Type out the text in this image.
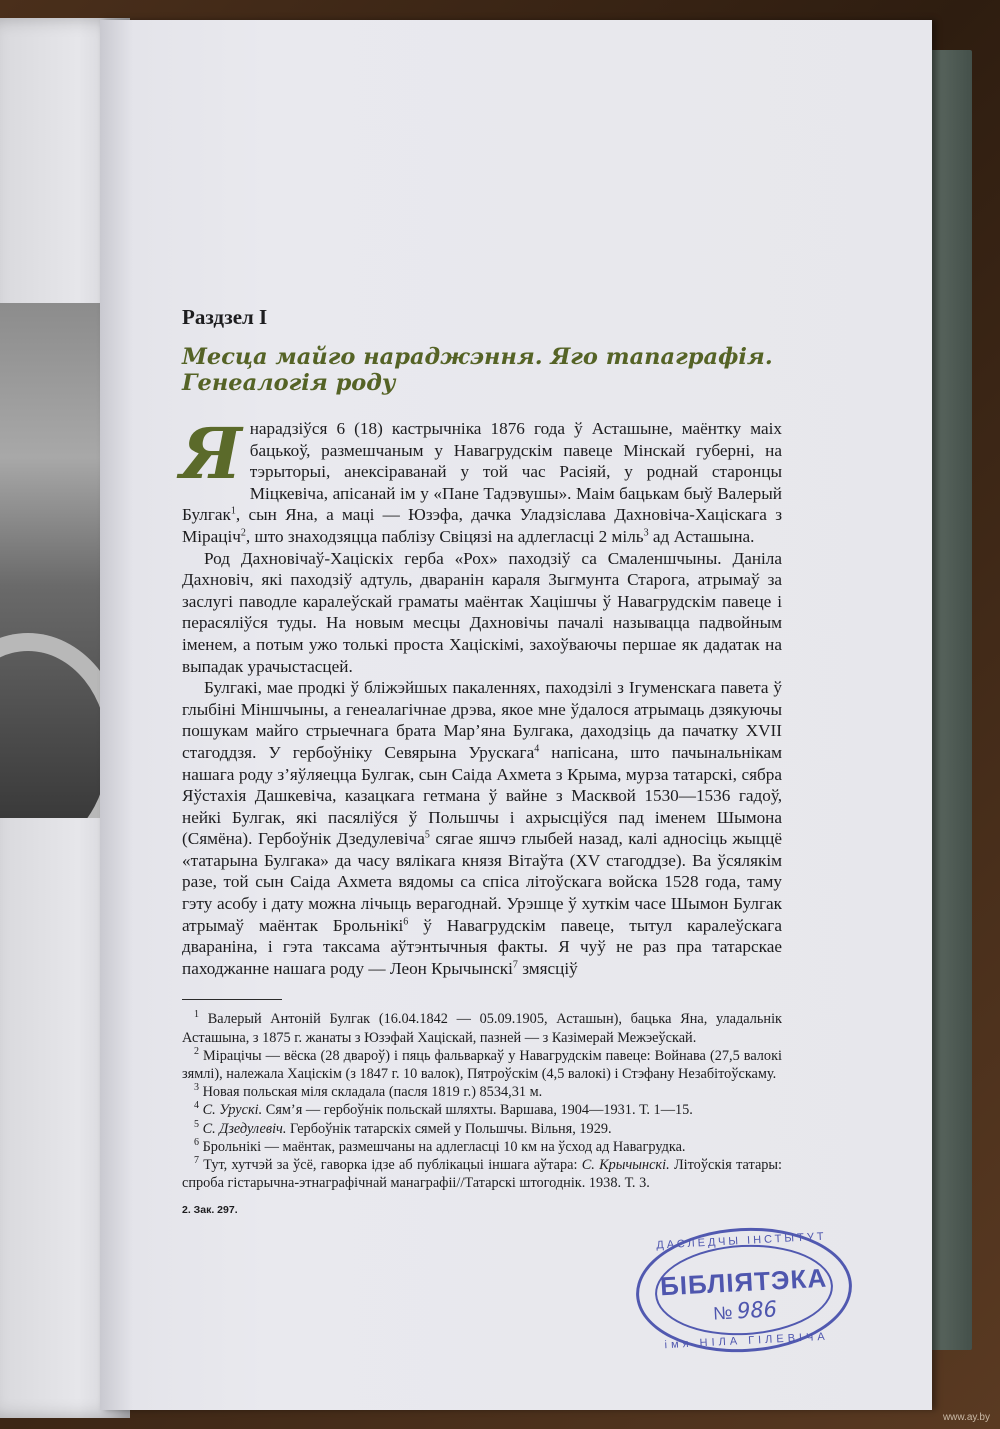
Раздзел I
Месца майго нараджэння. Яго тапаграфія. Генеалогія роду

Я нарадзіўся 6 (18) кастрычніка 1876 года ў Асташыне, маёнтку маіх бацькоў, размешчаным у Навагрудскім павеце Мінскай губерні, на тэрыторыі, анексіраванай у той час Расіяй, у роднай старонцы Міцкевіча, апісанай ім у «Пане Тадэвушы». Маім бацькам быў Валерый Булгак$^1$, сын Яна, а маці — Юзэфа, дачка Уладзіслава Дахновіча-Хацiскага з Мірацiч$^2$, што знаходзяцца паблізу Свіцязі на адлегласці 2 міль$^3$ ад Асташына.

Род Дахновічаў-Хацiскіх герба «Рох» паходзіў са Смаленшчыны. Даніла Дахновіч, які паходзіў адтуль, дваранін караля Зыгмунта Старога, атрымаў за заслугі паводле каралеўскай граматы маёнтак Хацішчы ў Навагрудскім павеце і перасяліўся туды. На новым месцы Дахновічы пачалі называцца падвойным іменем, а потым ужо толькі проста Хацiскімі, захоўваючы першае як дадатак на выпадак урачыстасцей.

Булгакі, мае продкі ў бліжэйшых пакаленнях, паходзілі з Ігуменскага павета ў глыбіні Міншчыны, а генеалагічнае дрэва, якое мне ўдалося атрымаць дзякуючы пошукам майго стрыечнага брата Мар’яна Булгака, даходзіць да пачатку XVII стагоддзя. У гербоўніку Севярына Урускага$^4$ напісана, што пачынальнікам нашага роду з’яўляецца Булгак, сын Саіда Ахмета з Крыма, мурза татарскі, сябра Яўстахія Дашкевіча, казацкага гетмана ў вайне з Масквой 1530—1536 гадоў, нейкі Булгак, які пасяліўся ў Польшчы і ахрысціўся пад іменем Шымона (Сямёна). Гербоўнік Дзедулевіча$^5$ сягае яшчэ глыбей назад, калі адносіць жыццё «татарына Булгака» да часу вялікага князя Вітаўта (XV стагоддзе). Ва ўсялякім разе, той сын Саіда Ахмета вядомы са спіса літоўскага войска 1528 года, таму гэту асобу і дату можна лічыць верагоднай. Урэшце ў хуткім часе Шымон Булгак атрымаў маёнтак Брольнікі$^6$ ў Навагрудскім павеце, тытул каралеўскага двараніна, і гэта таксама аўтэнтычныя факты. Я чуў не раз пра татарскае паходжанне нашага роду — Леон Крычынскі$^7$ змясціў

$^1$ Валерый Антоній Булгак (16.04.1842 — 05.09.1905, Асташын), бацька Яна, уладальнік Асташына, з 1875 г. жанаты з Юзэфай Хацiскай, пазней — з Казімерай Межэеўскай.
$^2$ Мірацічы — вёска (28 двароў) і пяць фальваркаў у Навагрудскім павеце: Войнава (27,5 валокі зямлі), належала Хацiскім (з 1847 г. 10 валок), Пятроўскім (4,5 валокі) і Стэфану Незабітоўскаму.
$^3$ Новая польская міля складала (пасля 1819 г.) 8534,31 м.
$^4$ С. Урускі. Сям’я — гербоўнік польскай шляхты. Варшава, 1904—1931. Т. 1—15.
$^5$ С. Дзедулевіч. Гербоўнік татарскіх сямей у Польшчы. Вільня, 1929.
$^6$ Брольнікі — маёнтак, размешчаны на адлегласці 10 км на ўсход ад Навагрудка.
$^7$ Тут, хутчэй за ўсё, гаворка ідзе аб публікацыі іншага аўтара: С. Крычынскі. Літоўскія татары: спроба гістарычна-этнаграфічнай манаграфіі//Татарскі штогоднік. 1938. Т. 3.
2. Зак. 297.
ДАСЛЕДЧЫ ІНСТЫТУТ
БІБЛІЯТЭКА
№ 986
імя НІЛА ГІЛЕВІЧА
www.ay.by
